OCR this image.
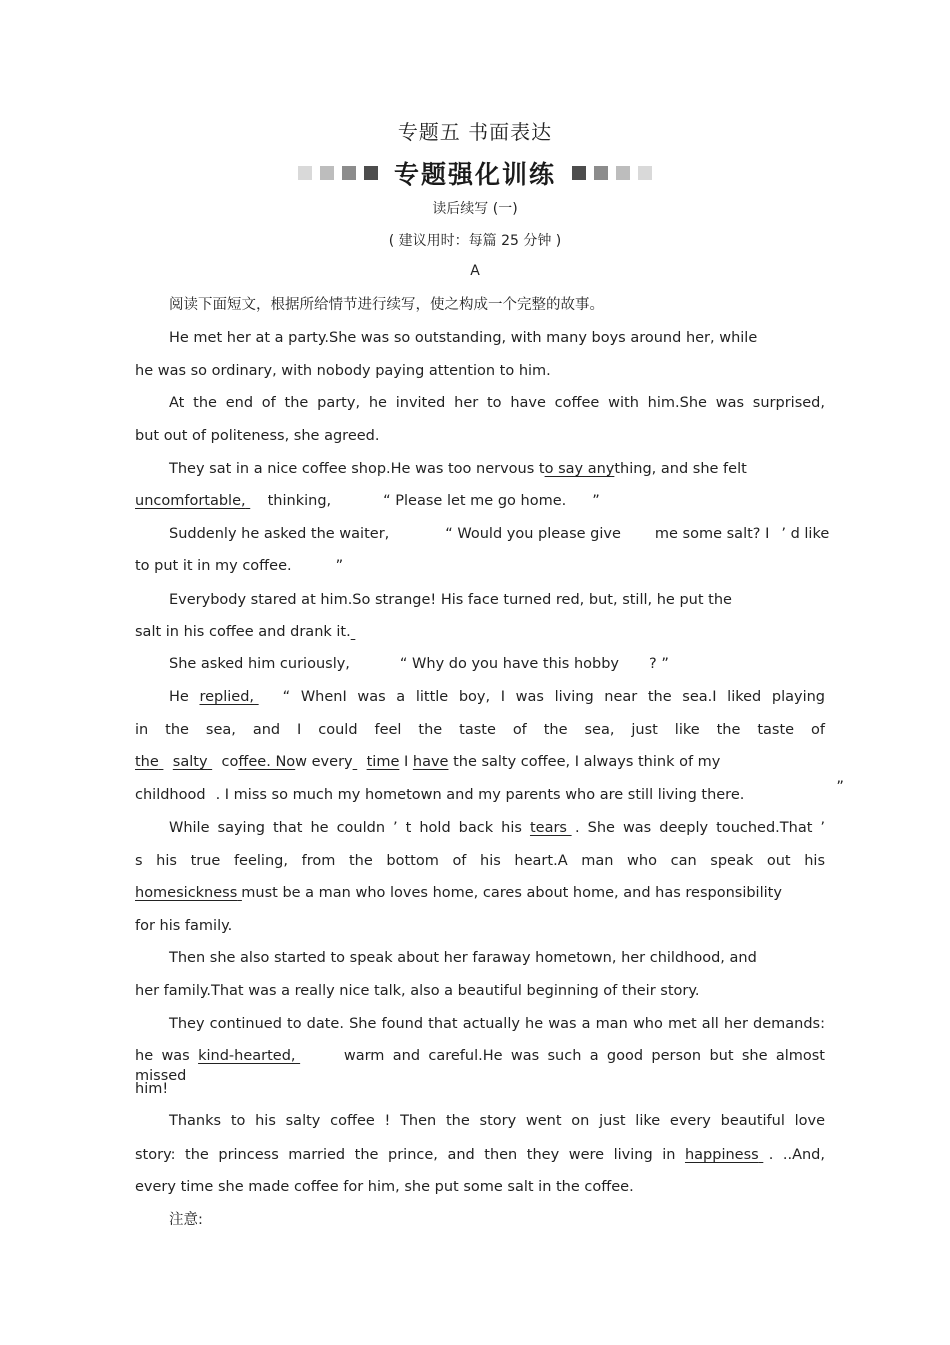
专题五 书面表达
专题强化训练
读后续写 (一)
( 建议用时：每篇 25 分钟 )
A
阅读下面短文，根据所给情节进行续写，使之构成一个完整的故事。
He met her at a party.She was so outstanding, with many boys around her, while
he was so ordinary, with nobody paying attention to him.
At the end of the party, he invited her to have coffee with him.She was surprised,
but out of politeness, she agreed.
They sat in a nice coffee shop.He was too nervous to say anything, and she felt
uncomfortable, thinking,	“ Please let me go home. ”
Suddenly he asked the waiter,	“ Would you please give me some salt? I ’ d like
to put it in my coffee.	”
Everybody stared at him.So strange! His face turned red, but, still, he put the
salt in his coffee and drank it.
She asked him curiously,	“ Why do you have this hobby ? ”
He replied, “ WhenI was a little boy, I was living near the sea.I liked playing
in the sea, and I could feel the taste of the sea, just like the taste of
the salty coffee. Now every time I have the salty coffee, I always think of my
childhood . I miss so much my hometown and my parents who are still living there.	”
While saying that he couldn ’ t hold back his tears . She was deeply touched.That ’
s his true feeling, from the bottom of his heart.A man who can speak out his
homesickness must be a man who loves home, cares about home, and has responsibility
for his family.
Then she also started to speak about her faraway hometown, her childhood, and
her family.That was a really nice talk, also a beautiful beginning of their story.
They continued to date. She found that actually he was a man who met all her demands:
he was kind-hearted,	warm and careful.He was such a good person but she almost missed
him!
Thanks to his salty coffee ! Then the story went on just like every beautiful love
story: the princess married the prince, and then they were living in happiness . ..And,
every time she made coffee for him, she put some salt in the coffee.
注意:
